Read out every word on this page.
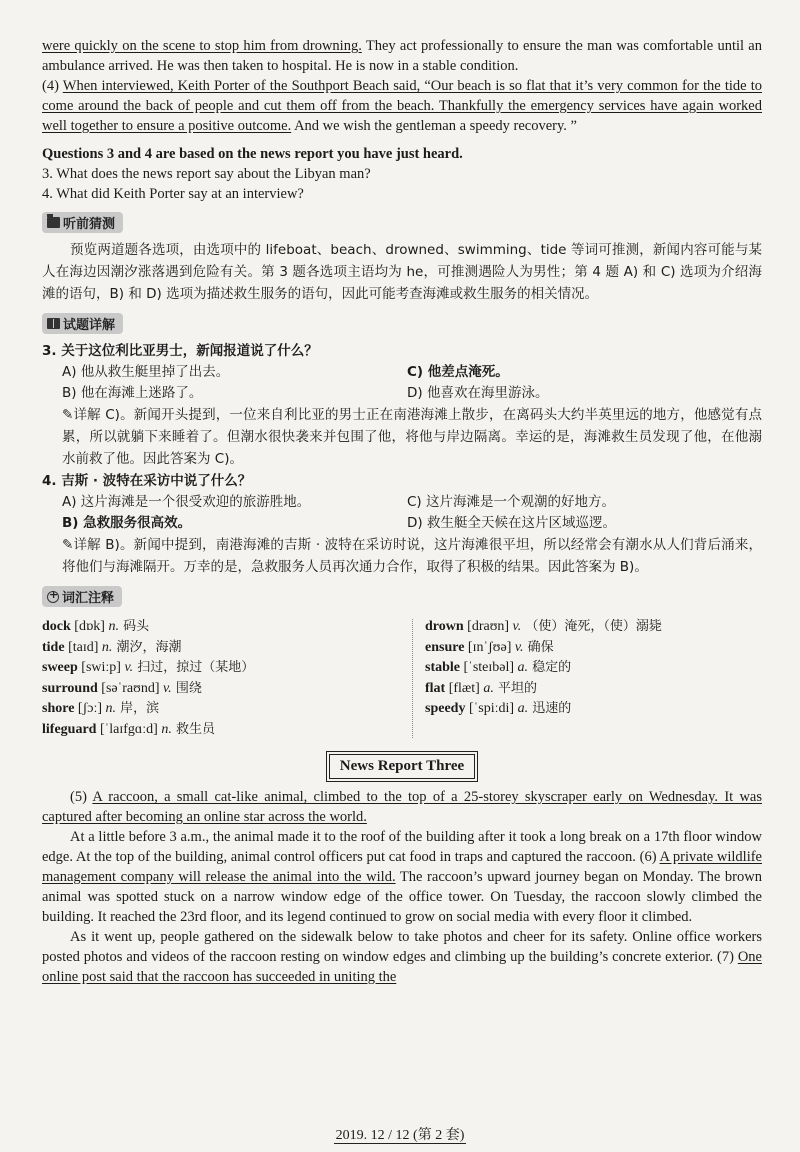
were quickly on the scene to stop him from drowning. They act professionally to ensure the man was comfortable until an ambulance arrived. He was then taken to hospital. He is now in a stable condition.

(4) When interviewed, Keith Porter of the Southport Beach said, “Our beach is so flat that it’s very common for the tide to come around the back of people and cut them off from the beach. Thankfully the emergency services have again worked well together to ensure a positive outcome. And we wish the gentleman a speedy recovery. ”

Questions 3 and 4 are based on the news report you have just heard.

3. What does the news report say about the Libyan man?

4. What did Keith Porter say at an interview?

听前猜测

预览两道题各选项，由选项中的 lifeboat、beach、drowned、swimming、tide 等词可推测，新闻内容可能与某人在海边因潮汐涨落遇到危险有关。第 3 题各选项主语均为 he，可推测遇险人为男性；第 4 题 A) 和 C) 选项为介绍海滩的语句，B) 和 D) 选项为描述救生服务的语句，因此可能考查海滩或救生服务的相关情况。

试题详解
3. 关于这位利比亚男士，新闻报道说了什么？
A) 他从救生艇里掉了出去。	C) 他差点淹死。
B) 他在海滩上迷路了。	D) 他喜欢在海里游泳。
✎详解 C)。新闻开头提到，一位来自利比亚的男士正在南港海滩上散步，在离码头大约半英里远的地方，他感觉有点累，所以就躺下来睡着了。但潮水很快袭来并包围了他，将他与岸边隔离。幸运的是，海滩救生员发现了他，在他溺水前救了他。因此答案为 C)。
4. 吉斯 · 波特在采访中说了什么？
A) 这片海滩是一个很受欢迎的旅游胜地。	C) 这片海滩是一个观潮的好地方。
B) 急救服务很高效。	D) 救生艇全天候在这片区域巡逻。
✎详解 B)。新闻中提到，南港海滩的吉斯 · 波特在采访时说，这片海滩很平坦，所以经常会有潮水从人们背后涌来，将他们与海滩隔开。万幸的是，急救服务人员再次通力合作，取得了积极的结果。因此答案为 B)。
+
词汇注释
dock [dɒk] n. 码头
tide [taɪd] n. 潮汐，海潮
sweep [swiːp] v. 扫过，掠过（某地）
surround [səˈraʊnd] v. 围绕
shore [ʃɔː] n. 岸，滨
lifeguard [ˈlaɪfgɑːd] n. 救生员
drown [draʊn] v. （使）淹死，（使）溺毙
ensure [ɪnˈʃʊə] v. 确保
stable [ˈsteɪbəl] a. 稳定的
flat [flæt] a. 平坦的
speedy [ˈspiːdi] a. 迅速的
News Report Three

(5) A raccoon, a small cat-like animal, climbed to the top of a 25-storey skyscraper early on Wednesday. It was captured after becoming an online star across the world.

At a little before 3 a.m., the animal made it to the roof of the building after it took a long break on a 17th floor window edge. At the top of the building, animal control officers put cat food in traps and captured the raccoon. (6) A private wildlife management company will release the animal into the wild. The raccoon’s upward journey began on Monday. The brown animal was spotted stuck on a narrow window edge of the office tower. On Tuesday, the raccoon slowly climbed the building. It reached the 23rd floor, and its legend continued to grow on social media with every floor it climbed.

As it went up, people gathered on the sidewalk below to take photos and cheer for its safety. Online office workers posted photos and videos of the raccoon resting on window edges and climbing up the building’s concrete exterior. (7) One online post said that the raccoon has succeeded in uniting the

2019. 12 / 12 (第 2 套)
